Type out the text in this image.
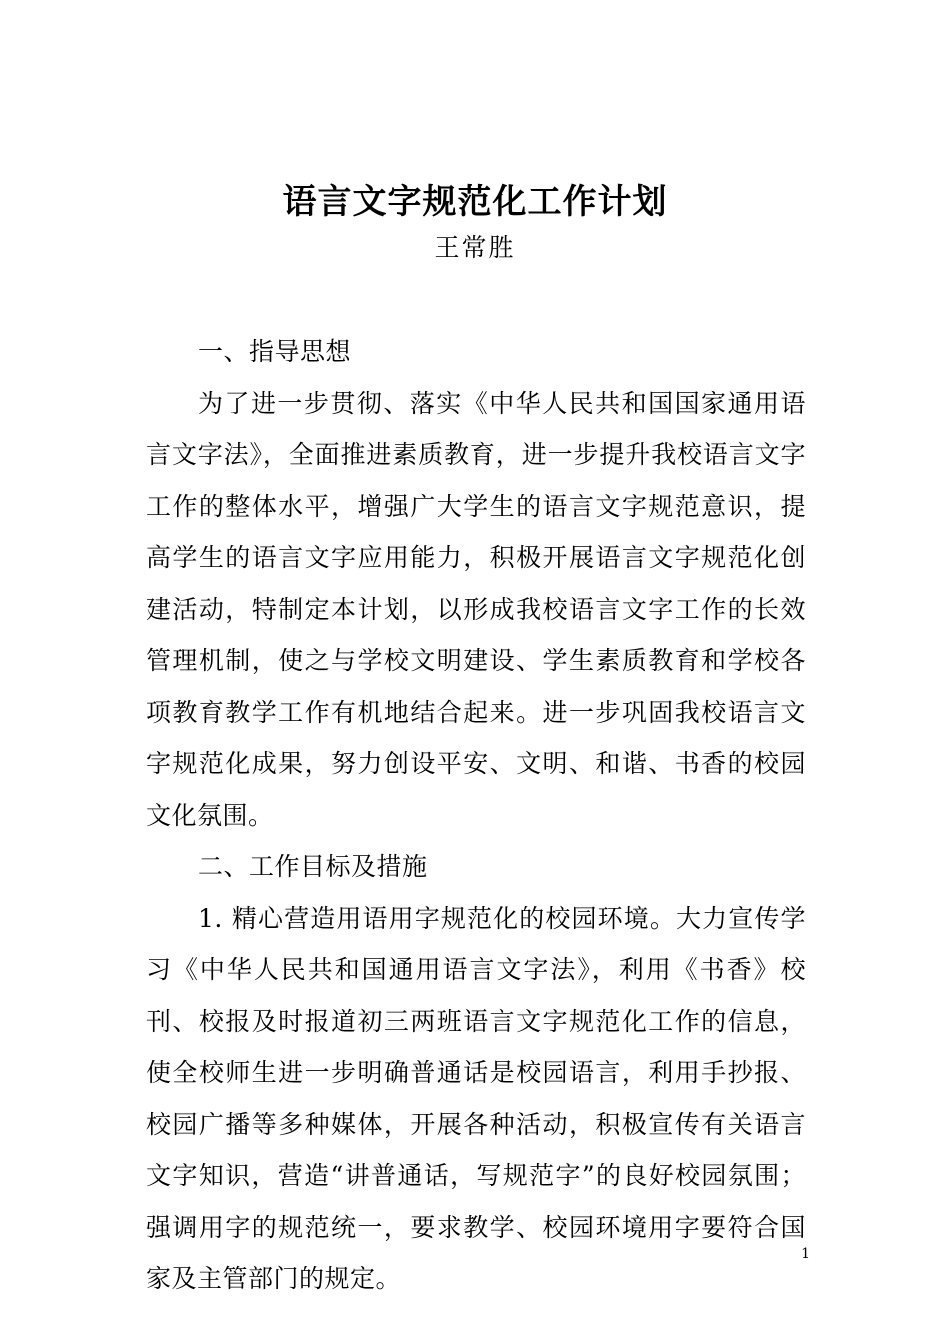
语言文字规范化工作计划
王常胜

一、指导思想

为了进一步贯彻、落实《中华人民共和国国家通用语言文字法》，全面推进素质教育，进一步提升我校语言文字工作的整体水平，增强广大学生的语言文字规范意识，提高学生的语言文字应用能力，积极开展语言文字规范化创建活动，特制定本计划，以形成我校语言文字工作的长效管理机制，使之与学校文明建设、学生素质教育和学校各项教育教学工作有机地结合起来。进一步巩固我校语言文字规范化成果，努力创设平安、文明、和谐、书香的校园文化氛围。

二、工作目标及措施

1. 精心营造用语用字规范化的校园环境。大力宣传学习《中华人民共和国通用语言文字法》，利用《书香》校刊、校报及时报道初三两班语言文字规范化工作的信息，使全校师生进一步明确普通话是校园语言，利用手抄报、校园广播等多种媒体，开展各种活动，积极宣传有关语言文字知识，营造“讲普通话，写规范字”的良好校园氛围；强调用字的规范统一，要求教学、校园环境用字要符合国家及主管部门的规定。

1
